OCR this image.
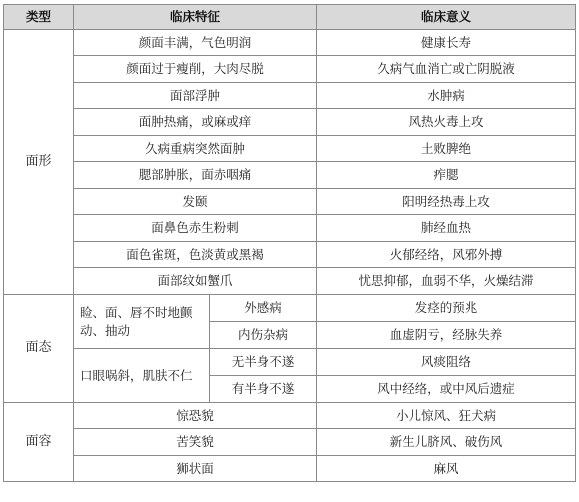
类型	临床特征		临床意义
面形	颜面丰满，气色明润		健康长寿
	颜面过于瘦削，大肉尽脱		久病气血消亡或亡阴脱液
	面部浮肿		水肿病
	面肿热痛，或麻或痒		风热火毒上攻
	久病重病突然面肿		土败脾绝
	腮部肿胀，面赤咽痛		痄腮
	发颐		阳明经热毒上攻
	面鼻色赤生粉刺		肺经血热
	面色雀斑，色淡黄或黑褐		火郁经络，风邪外搏
	面部纹如蟹爪		忧思抑郁，血弱不华，火燥结滞
面态	睑、面、唇不时地颤动、抽动	外感病	发痉的预兆
		内伤杂病	血虚阴亏，经脉失养
	口眼㖞斜，肌肤不仁	无半身不遂	风痰阻络
		有半身不遂	风中经络，或中风后遗症
面容	惊恐貌		小儿惊风、狂犬病
	苦笑貌		新生儿脐风、破伤风
	狮状面		麻风
